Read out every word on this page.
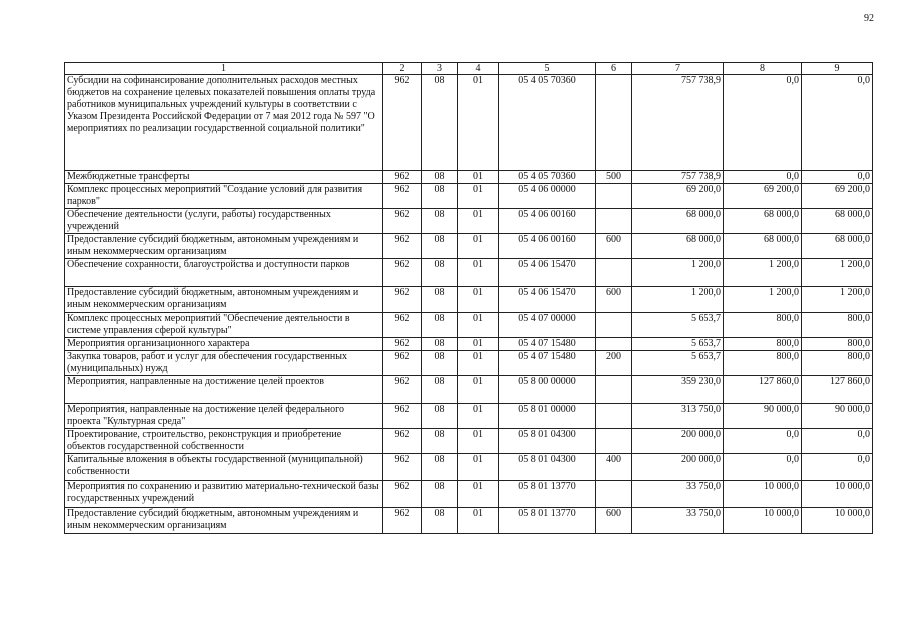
92
1	2	3	4	5	6	7	8	9
Субсидии на софинансирование дополнительных расходов местных бюджетов на сохранение целевых показателей повышения оплаты труда работников муниципальных учреждений культуры в соответствии с Указом Президента Российской Федерации от 7 мая 2012 года № 597 "О мероприятиях по реализации государственной социальной политики"	962	08	01	05 4 05 70360		757 738,9	0,0	0,0
Межбюджетные трансферты	962	08	01	05 4 05 70360	500	757 738,9	0,0	0,0
Комплекс процессных мероприятий "Создание условий для развития парков"	962	08	01	05 4 06 00000		69 200,0	69 200,0	69 200,0
Обеспечение деятельности (услуги, работы) государственных учреждений	962	08	01	05 4 06 00160		68 000,0	68 000,0	68 000,0
Предоставление субсидий бюджетным, автономным учреждениям и иным некоммерческим организациям	962	08	01	05 4 06 00160	600	68 000,0	68 000,0	68 000,0
Обеспечение сохранности, благоустройства и доступности парков	962	08	01	05 4 06 15470		1 200,0	1 200,0	1 200,0
Предоставление субсидий бюджетным, автономным учреждениям и иным некоммерческим организациям	962	08	01	05 4 06 15470	600	1 200,0	1 200,0	1 200,0
Комплекс процессных мероприятий "Обеспечение деятельности в системе управления сферой культуры"	962	08	01	05 4 07 00000		5 653,7	800,0	800,0
Мероприятия организационного характера	962	08	01	05 4 07 15480		5 653,7	800,0	800,0
Закупка товаров, работ и услуг для обеспечения государственных (муниципальных) нужд	962	08	01	05 4 07 15480	200	5 653,7	800,0	800,0
Мероприятия, направленные на достижение целей проектов	962	08	01	05 8 00 00000		359 230,0	127 860,0	127 860,0
Мероприятия, направленные на достижение целей федерального проекта "Культурная среда"	962	08	01	05 8 01 00000		313 750,0	90 000,0	90 000,0
Проектирование, строительство, реконструкция и приобретение объектов государственной собственности	962	08	01	05 8 01 04300		200 000,0	0,0	0,0
Капитальные вложения в объекты государственной (муниципальной) собственности	962	08	01	05 8 01 04300	400	200 000,0	0,0	0,0
Мероприятия по сохранению и развитию материально-технической базы государственных учреждений	962	08	01	05 8 01 13770		33 750,0	10 000,0	10 000,0
Предоставление субсидий бюджетным, автономным учреждениям и иным некоммерческим организациям	962	08	01	05 8 01 13770	600	33 750,0	10 000,0	10 000,0
